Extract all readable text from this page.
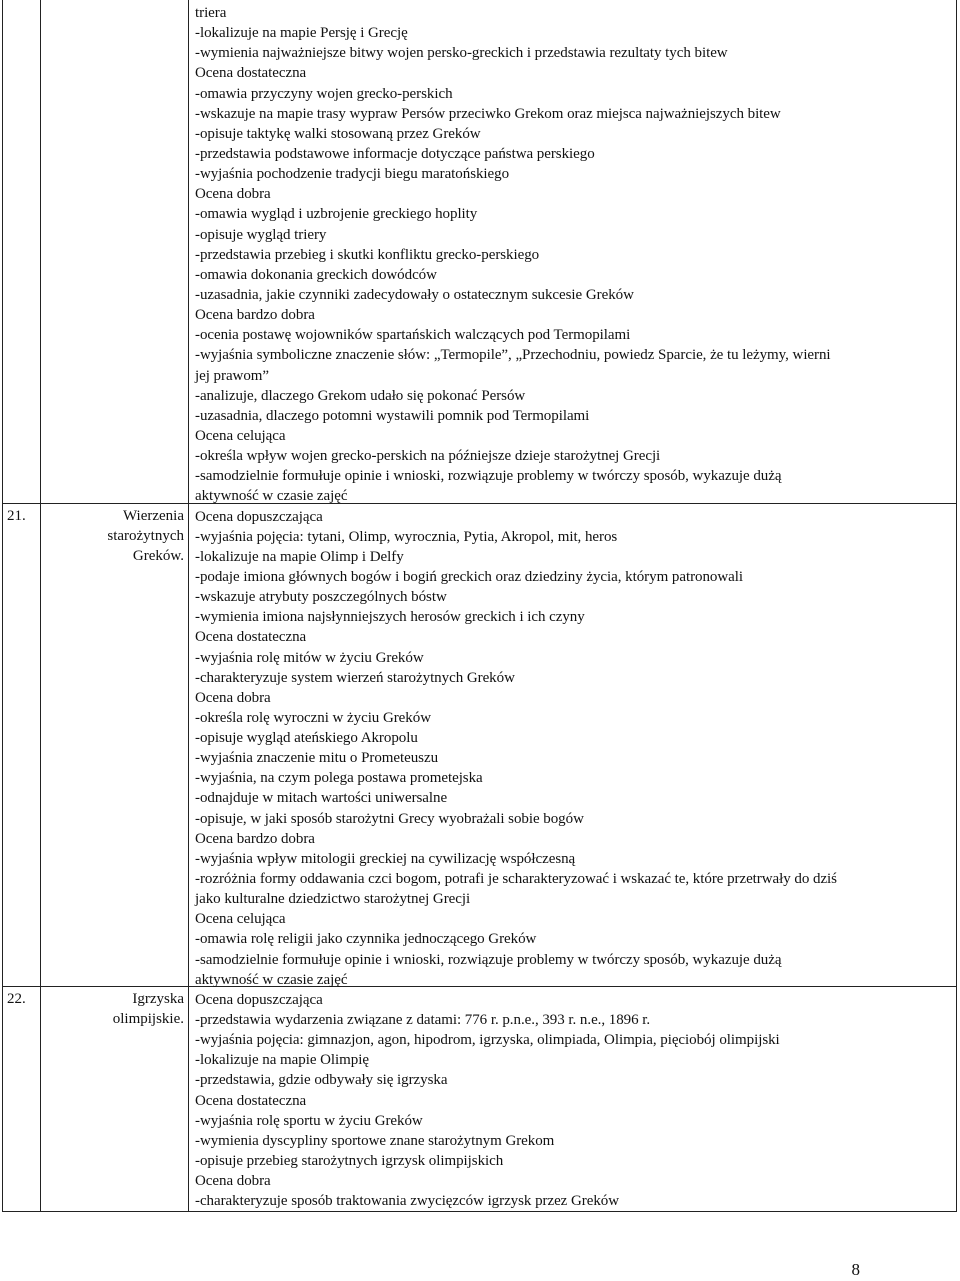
21.	Wierzenia
starożytnych
Greków.
22.	Igrzyska
olimpijskie.
triera
-lokalizuje na mapie Persję i Grecję
-wymienia najważniejsze bitwy wojen persko-greckich i przedstawia rezultaty tych bitew
Ocena dostateczna
-omawia przyczyny wojen grecko-perskich
-wskazuje na mapie trasy wypraw Persów przeciwko Grekom oraz miejsca najważniejszych bitew
-opisuje taktykę walki stosowaną przez Greków
-przedstawia podstawowe informacje dotyczące państwa perskiego
-wyjaśnia pochodzenie tradycji biegu maratońskiego
Ocena dobra
-omawia wygląd i uzbrojenie greckiego hoplity
-opisuje wygląd triery
-przedstawia przebieg i skutki konfliktu grecko-perskiego
-omawia dokonania greckich dowódców
-uzasadnia, jakie czynniki zadecydowały o ostatecznym sukcesie Greków
Ocena bardzo dobra
-ocenia postawę wojowników spartańskich walczących pod Termopilami
-wyjaśnia symboliczne znaczenie słów: „Termopile”, „Przechodniu, powiedz Sparcie, że tu leżymy, wierni
jej prawom”
-analizuje, dlaczego Grekom udało się pokonać Persów
-uzasadnia, dlaczego potomni wystawili pomnik pod Termopilami
Ocena celująca
-określa wpływ wojen grecko-perskich na późniejsze dzieje starożytnej Grecji
-samodzielnie formułuje opinie i wnioski, rozwiązuje problemy w twórczy sposób, wykazuje dużą
aktywność w czasie zajęć
Ocena dopuszczająca
-wyjaśnia pojęcia: tytani, Olimp, wyrocznia, Pytia, Akropol, mit, heros
-lokalizuje na mapie Olimp i Delfy
-podaje imiona głównych bogów i bogiń greckich oraz dziedziny życia, którym patronowali
-wskazuje atrybuty poszczególnych bóstw
-wymienia imiona najsłynniejszych herosów greckich i ich czyny
Ocena dostateczna
-wyjaśnia rolę mitów w życiu Greków
-charakteryzuje system wierzeń starożytnych Greków
Ocena dobra
-określa rolę wyroczni w życiu Greków
-opisuje wygląd ateńskiego Akropolu
-wyjaśnia znaczenie mitu o Prometeuszu
-wyjaśnia, na czym polega postawa prometejska
-odnajduje w mitach wartości uniwersalne
-opisuje, w jaki sposób starożytni Grecy wyobrażali sobie bogów
Ocena bardzo dobra
-wyjaśnia wpływ mitologii greckiej na cywilizację współczesną
-rozróżnia formy oddawania czci bogom, potrafi je scharakteryzować i wskazać te, które przetrwały do dziś
jako kulturalne dziedzictwo starożytnej Grecji
Ocena celująca
-omawia rolę religii jako czynnika jednoczącego Greków
-samodzielnie formułuje opinie i wnioski, rozwiązuje problemy w twórczy sposób, wykazuje dużą
aktywność w czasie zajęć
Ocena dopuszczająca
-przedstawia wydarzenia związane z datami: 776 r. p.n.e., 393 r. n.e., 1896 r.
-wyjaśnia pojęcia: gimnazjon, agon, hipodrom, igrzyska, olimpiada, Olimpia, pięciobój olimpijski
-lokalizuje na mapie Olimpię
-przedstawia, gdzie odbywały się igrzyska
Ocena dostateczna
-wyjaśnia rolę sportu w życiu Greków
-wymienia dyscypliny sportowe znane starożytnym Grekom
-opisuje przebieg starożytnych igrzysk olimpijskich
Ocena dobra
-charakteryzuje sposób traktowania zwycięzców igrzysk przez Greków
8
